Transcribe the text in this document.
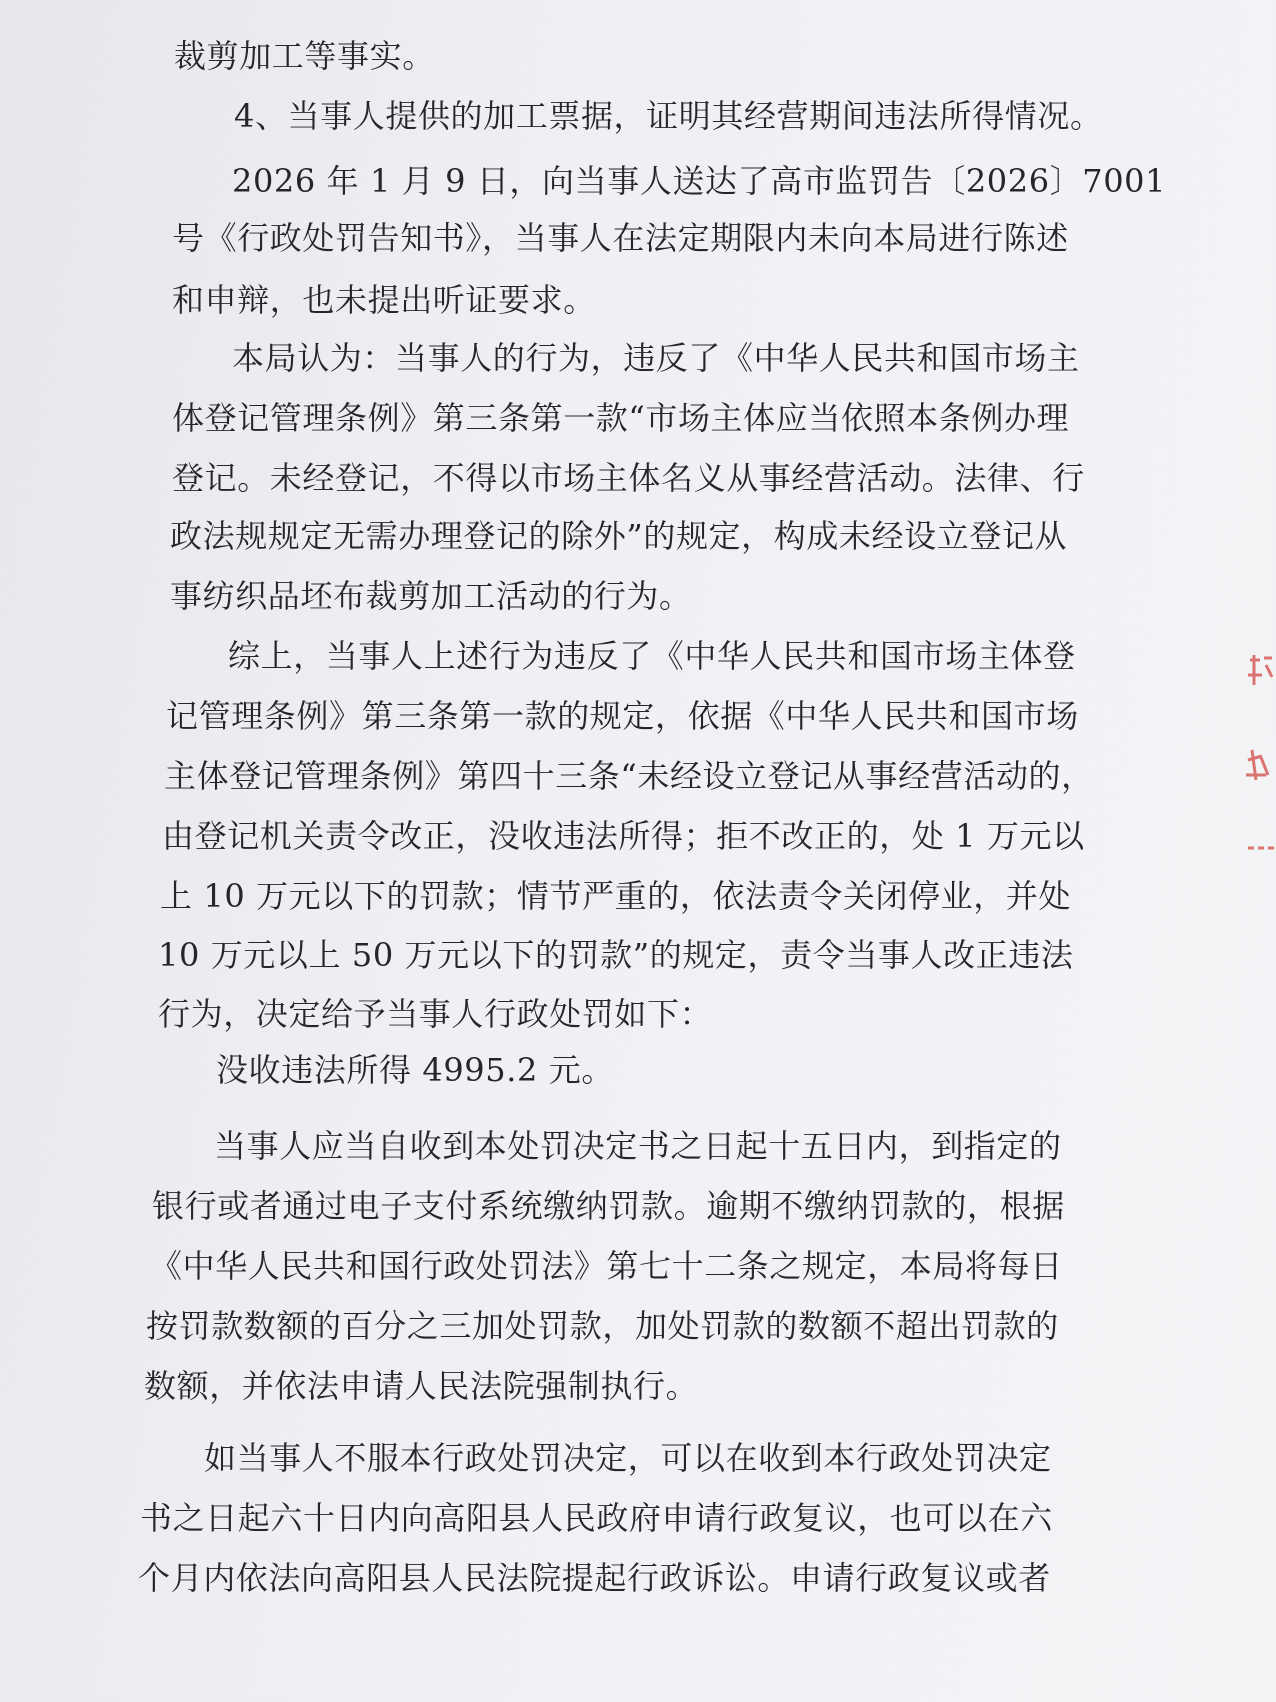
裁剪加工等事实。
4、当事人提供的加工票据，证明其经营期间违法所得情况。
2026 年 1 月 9 日，向当事人送达了高市监罚告〔2026〕7001
号《行政处罚告知书》，当事人在法定期限内未向本局进行陈述
和申辩，也未提出听证要求。
本局认为：当事人的行为，违反了《中华人民共和国市场主
体登记管理条例》第三条第一款“市场主体应当依照本条例办理
登记。未经登记，不得以市场主体名义从事经营活动。法律、行
政法规规定无需办理登记的除外”的规定，构成未经设立登记从
事纺织品坯布裁剪加工活动的行为。
综上，当事人上述行为违反了《中华人民共和国市场主体登
记管理条例》第三条第一款的规定，依据《中华人民共和国市场
主体登记管理条例》第四十三条“未经设立登记从事经营活动的，
由登记机关责令改正，没收违法所得；拒不改正的，处 1 万元以
上 10 万元以下的罚款；情节严重的，依法责令关闭停业，并处
10 万元以上 50 万元以下的罚款”的规定，责令当事人改正违法
行为，决定给予当事人行政处罚如下：
没收违法所得 4995.2 元。
当事人应当自收到本处罚决定书之日起十五日内，到指定的
银行或者通过电子支付系统缴纳罚款。逾期不缴纳罚款的，根据
《中华人民共和国行政处罚法》第七十二条之规定，本局将每日
按罚款数额的百分之三加处罚款，加处罚款的数额不超出罚款的
数额，并依法申请人民法院强制执行。
如当事人不服本行政处罚决定，可以在收到本行政处罚决定
书之日起六十日内向高阳县人民政府申请行政复议，也可以在六
个月内依法向高阳县人民法院提起行政诉讼。申请行政复议或者
